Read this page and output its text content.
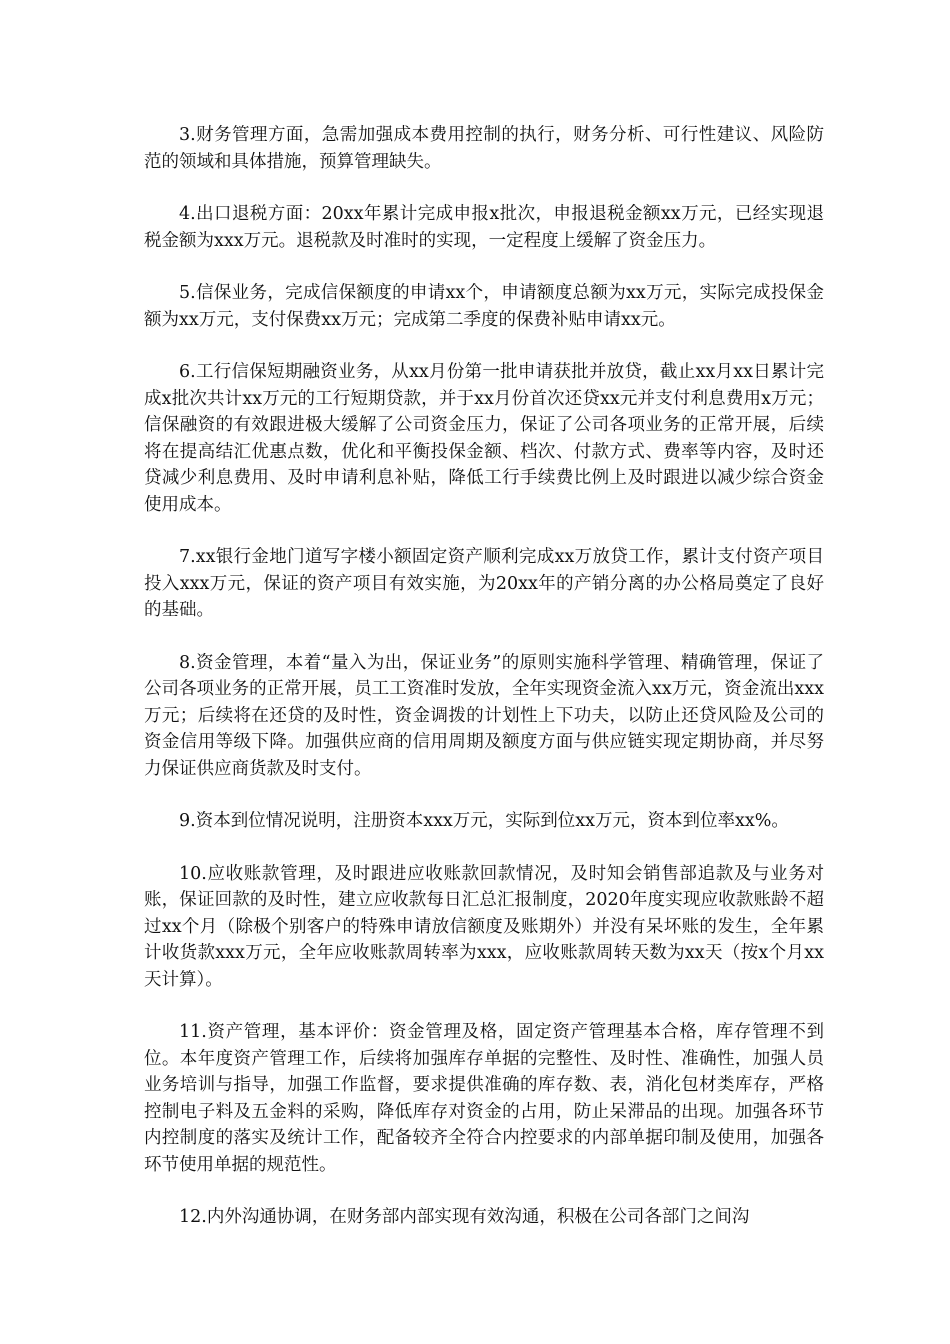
3.财务管理方面，急需加强成本费用控制的执行，财务分析、可行性建议、风险防范的领域和具体措施，预算管理缺失。

4.出口退税方面：20xx年累计完成申报x批次，申报退税金额xx万元，已经实现退税金额为xxx万元。退税款及时准时的实现，一定程度上缓解了资金压力。

5.信保业务，完成信保额度的申请xx个，申请额度总额为xx万元，实际完成投保金额为xx万元，支付保费xx万元；完成第二季度的保费补贴申请xx元。

6.工行信保短期融资业务，从xx月份第一批申请获批并放贷，截止xx月xx日累计完成x批次共计xx万元的工行短期贷款，并于xx月份首次还贷xx元并支付利息费用x万元；信保融资的有效跟进极大缓解了公司资金压力，保证了公司各项业务的正常开展，后续将在提高结汇优惠点数，优化和平衡投保金额、档次、付款方式、费率等内容，及时还贷减少利息费用、及时申请利息补贴，降低工行手续费比例上及时跟进以减少综合资金使用成本。

7.xx银行金地门道写字楼小额固定资产顺利完成xx万放贷工作，累计支付资产项目投入xxx万元，保证的资产项目有效实施，为20xx年的产销分离的办公格局奠定了良好的基础。

8.资金管理，本着“量入为出，保证业务”的原则实施科学管理、精确管理，保证了公司各项业务的正常开展，员工工资准时发放，全年实现资金流入xx万元，资金流出xxx万元；后续将在还贷的及时性，资金调拨的计划性上下功夫，以防止还贷风险及公司的资金信用等级下降。加强供应商的信用周期及额度方面与供应链实现定期协商，并尽努力保证供应商货款及时支付。

9.资本到位情况说明，注册资本xxx万元，实际到位xx万元，资本到位率xx%。

10.应收账款管理，及时跟进应收账款回款情况，及时知会销售部追款及与业务对账，保证回款的及时性，建立应收款每日汇总汇报制度，2020年度实现应收款账龄不超过xx个月（除极个别客户的特殊申请放信额度及账期外）并没有呆坏账的发生，全年累计收货款xxx万元，全年应收账款周转率为xxx，应收账款周转天数为xx天（按x个月xx天计算）。

11.资产管理，基本评价：资金管理及格，固定资产管理基本合格，库存管理不到位。本年度资产管理工作，后续将加强库存单据的完整性、及时性、准确性，加强人员业务培训与指导，加强工作监督，要求提供准确的库存数、表，消化包材类库存，严格控制电子料及五金料的采购，降低库存对资金的占用，防止呆滞品的出现。加强各环节内控制度的落实及统计工作，配备较齐全符合内控要求的内部单据印制及使用，加强各环节使用单据的规范性。

12.内外沟通协调，在财务部内部实现有效沟通，积极在公司各部门之间沟
